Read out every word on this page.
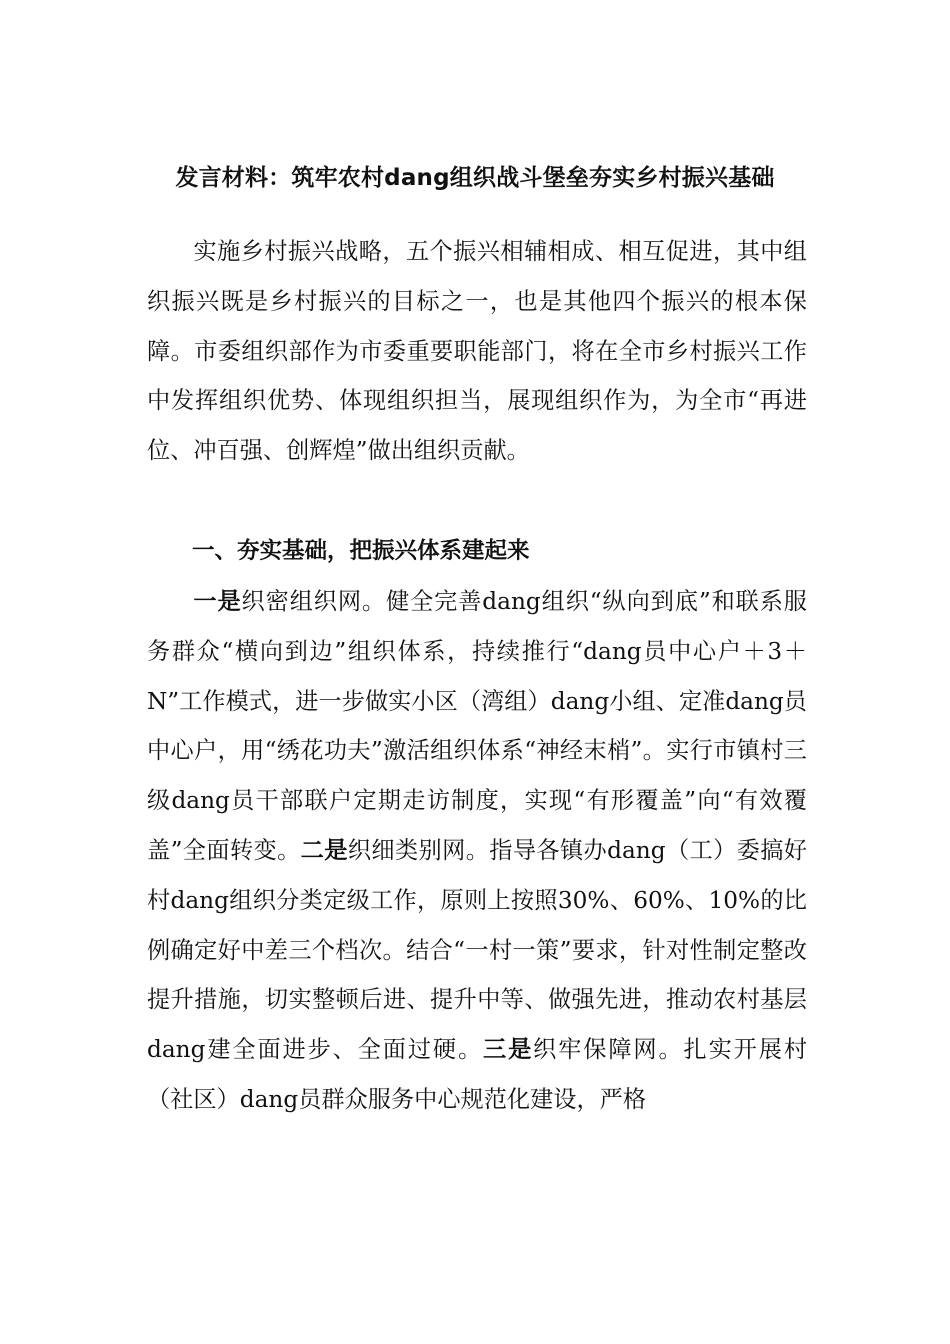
发言材料：筑牢农村dang组织战斗堡垒夯实乡村振兴基础

实施乡村振兴战略，五个振兴相辅相成、相互促进，其中组织振兴既是乡村振兴的目标之一，也是其他四个振兴的根本保障。市委组织部作为市委重要职能部门，将在全市乡村振兴工作中发挥组织优势、体现组织担当，展现组织作为，为全市“再进位、冲百强、创辉煌”做出组织贡献。

一、夯实基础，把振兴体系建起来

一是织密组织网。健全完善dang组织“纵向到底”和联系服务群众“横向到边”组织体系，持续推行“dang员中心户＋3＋N”工作模式，进一步做实小区（湾组）dang小组、定准dang员中心户，用“绣花功夫”激活组织体系“神经末梢”。实行市镇村三级dang员干部联户定期走访制度，实现“有形覆盖”向“有效覆盖”全面转变。二是织细类别网。指导各镇办dang（工）委搞好村dang组织分类定级工作，原则上按照30%、60%、10%的比例确定好中差三个档次。结合“一村一策”要求，针对性制定整改提升措施，切实整顿后进、提升中等、做强先进，推动农村基层dang建全面进步、全面过硬。三是织牢保障网。扎实开展村（社区）dang员群众服务中心规范化建设，严格
